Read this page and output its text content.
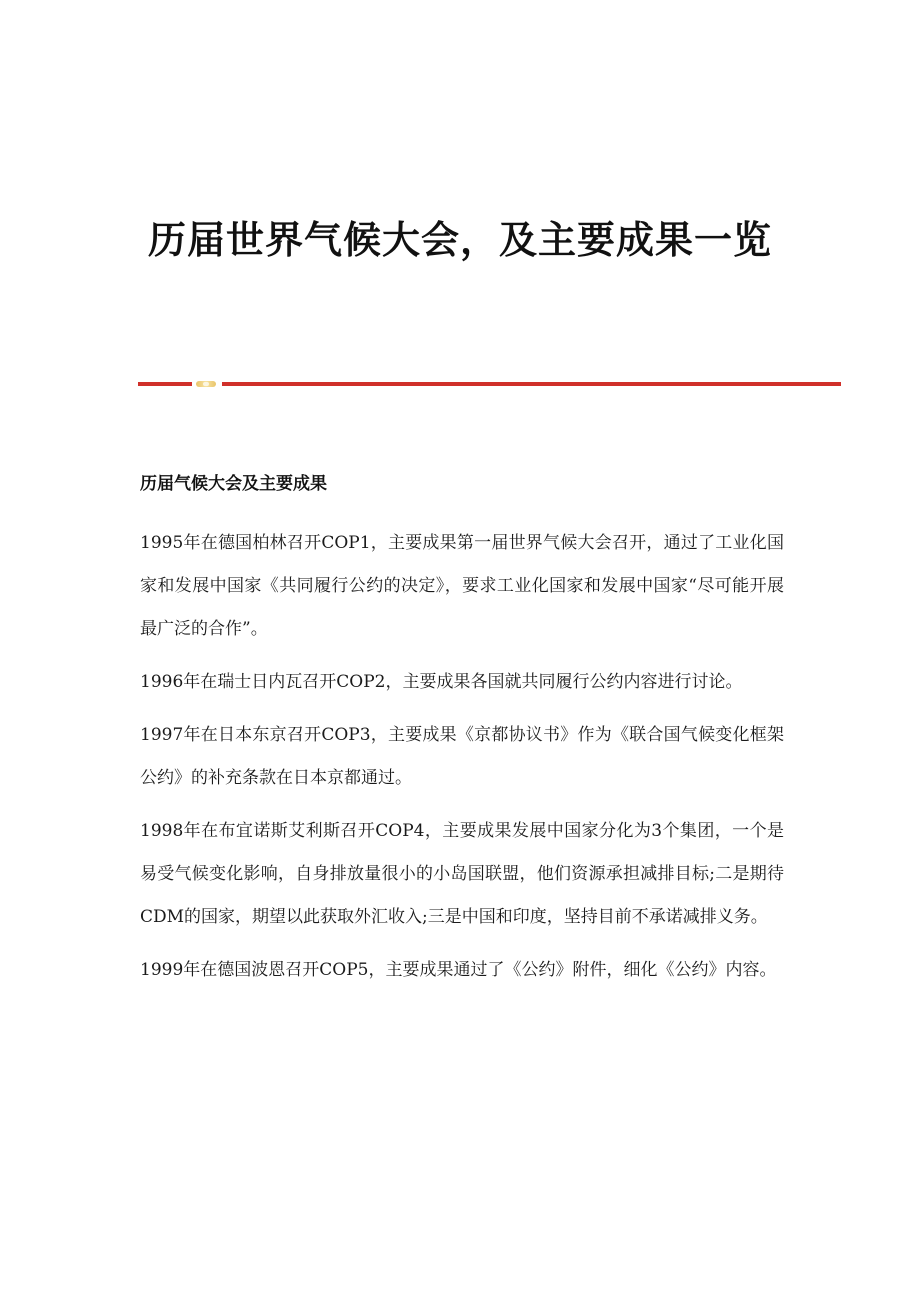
历届世界气候大会，及主要成果一览
历届气候大会及主要成果

1995年在德国柏林召开COP1，主要成果第一届世界气候大会召开，通过了工业化国家和发展中国家《共同履行公约的决定》，要求工业化国家和发展中国家“尽可能开展最广泛的合作”。

1996年在瑞士日内瓦召开COP2，主要成果各国就共同履行公约内容进行讨论。

1997年在日本东京召开COP3，主要成果《京都协议书》作为《联合国气候变化框架公约》的补充条款在日本京都通过。

1998年在布宜诺斯艾利斯召开COP4，主要成果发展中国家分化为3个集团，一个是易受气候变化影响，自身排放量很小的小岛国联盟，他们资源承担减排目标;二是期待CDM的国家，期望以此获取外汇收入;三是中国和印度，坚持目前不承诺减排义务。

1999年在德国波恩召开COP5，主要成果通过了《公约》附件，细化《公约》内容。
